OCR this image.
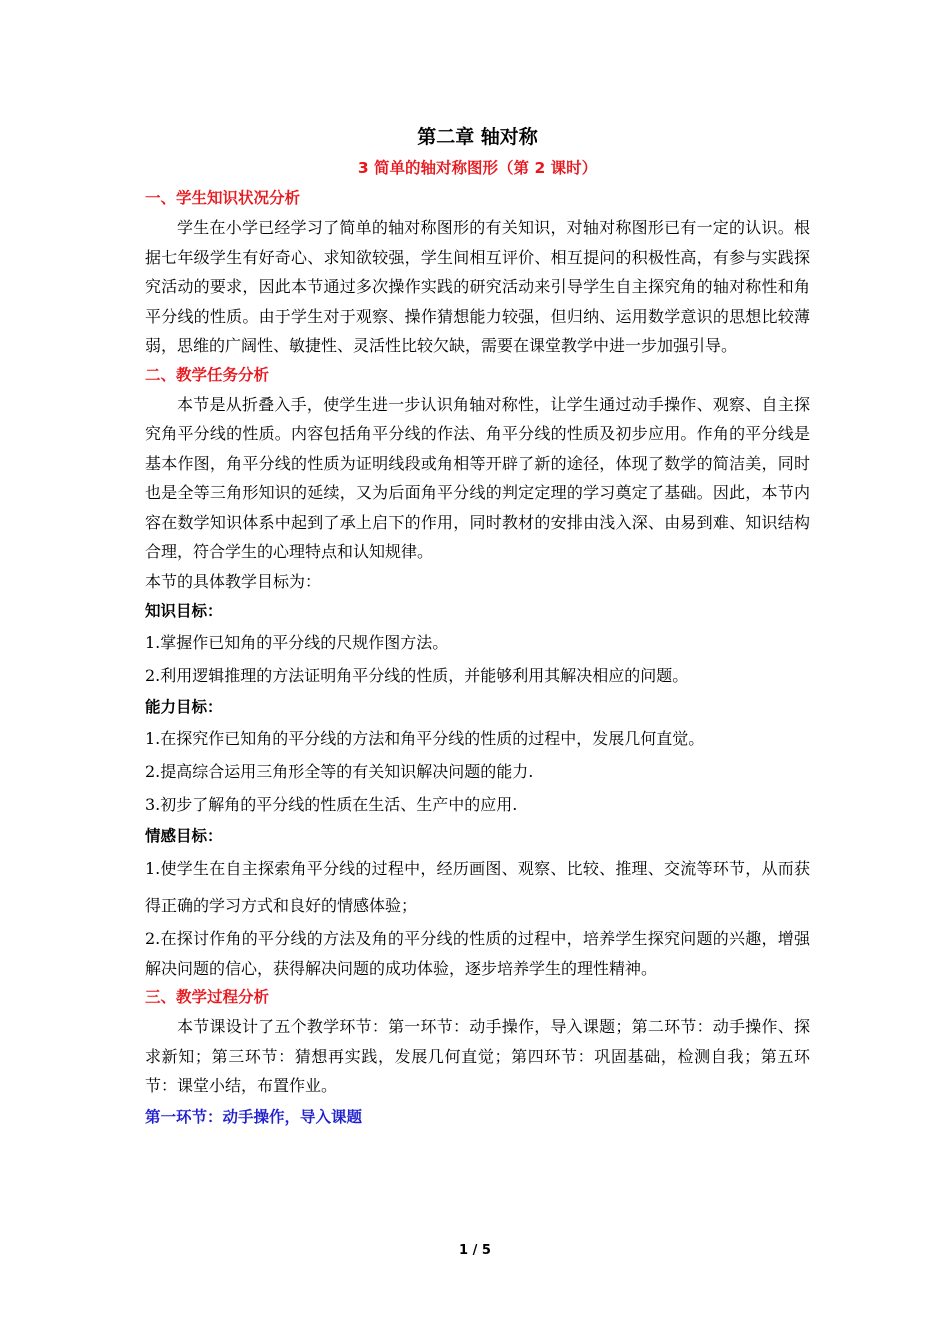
第二章 轴对称
3 简单的轴对称图形（第 2 课时）
一、学生知识状况分析

学生在小学已经学习了简单的轴对称图形的有关知识，对轴对称图形已有一定的认识。根据七年级学生有好奇心、求知欲较强，学生间相互评价、相互提问的积极性高，有参与实践探究活动的要求，因此本节通过多次操作实践的研究活动来引导学生自主探究角的轴对称性和角平分线的性质。由于学生对于观察、操作猜想能力较强，但归纳、运用数学意识的思想比较薄弱，思维的广阔性、敏捷性、灵活性比较欠缺，需要在课堂教学中进一步加强引导。

二、教学任务分析

本节是从折叠入手，使学生进一步认识角轴对称性，让学生通过动手操作、观察、自主探究角平分线的性质。内容包括角平分线的作法、角平分线的性质及初步应用。作角的平分线是基本作图，角平分线的性质为证明线段或角相等开辟了新的途径，体现了数学的简洁美，同时也是全等三角形知识的延续，又为后面角平分线的判定定理的学习奠定了基础。因此，本节内容在数学知识体系中起到了承上启下的作用，同时教材的安排由浅入深、由易到难、知识结构合理，符合学生的心理特点和认知规律。

本节的具体教学目标为：

知识目标：

1.掌握作已知角的平分线的尺规作图方法。

2.利用逻辑推理的方法证明角平分线的性质，并能够利用其解决相应的问题。

能力目标：

1.在探究作已知角的平分线的方法和角平分线的性质的过程中，发展几何直觉。

2.提高综合运用三角形全等的有关知识解决问题的能力.

3.初步了解角的平分线的性质在生活、生产中的应用.

情感目标：

1.使学生在自主探索角平分线的过程中，经历画图、观察、比较、推理、交流等环节，从而获得正确的学习方式和良好的情感体验；

2.在探讨作角的平分线的方法及角的平分线的性质的过程中，培养学生探究问题的兴趣，增强解决问题的信心，获得解决问题的成功体验，逐步培养学生的理性精神。

三、教学过程分析

本节课设计了五个教学环节：第一环节：动手操作，导入课题；第二环节：动手操作、探求新知；第三环节：猜想再实践，发展几何直觉；第四环节：巩固基础，检测自我；第五环节：课堂小结，布置作业。

第一环节：动手操作，导入课题
1 / 5
